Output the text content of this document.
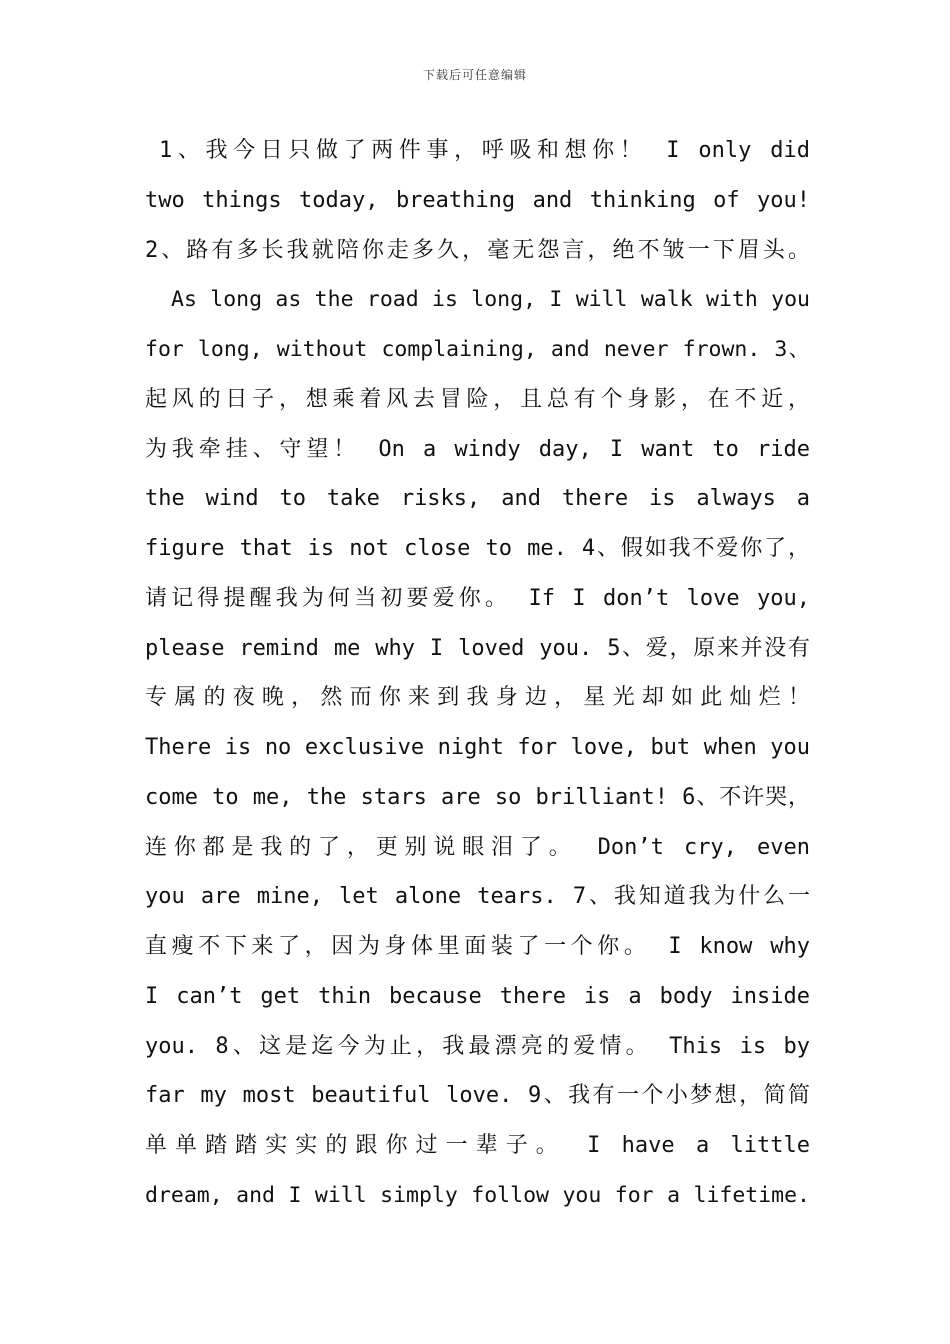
下载后可任意编辑
1、我今日只做了两件事，呼吸和想你！ I only did
two things today, breathing and thinking of you!
2、路有多长我就陪你走多久，毫无怨言，绝不皱一下眉头。
As long as the road is long, I will walk with you
for long, without complaining, and never frown. 3、
起风的日子，想乘着风去冒险，且总有个身影，在不近，
为我牵挂、守望！ On a windy day, I want to ride
the wind to take risks, and there is always a
figure that is not close to me. 4、假如我不爱你了，
请记得提醒我为何当初要爱你。 If I don’t love you,
please remind me why I loved you. 5、爱，原来并没有
专属的夜晚，然而你来到我身边，星光却如此灿烂！
There is no exclusive night for love, but when you
come to me, the stars are so brilliant! 6、不许哭，
连你都是我的了，更别说眼泪了。 Don’t cry, even
you are mine, let alone tears. 7、我知道我为什么一
直瘦不下来了，因为身体里面装了一个你。 I know why
I can’t get thin because there is a body inside
you. 8、这是迄今为止，我最漂亮的爱情。 This is by
far my most beautiful love. 9、我有一个小梦想，简简
单单踏踏实实的跟你过一辈子。 I have a little
dream, and I will simply follow you for a lifetime.
